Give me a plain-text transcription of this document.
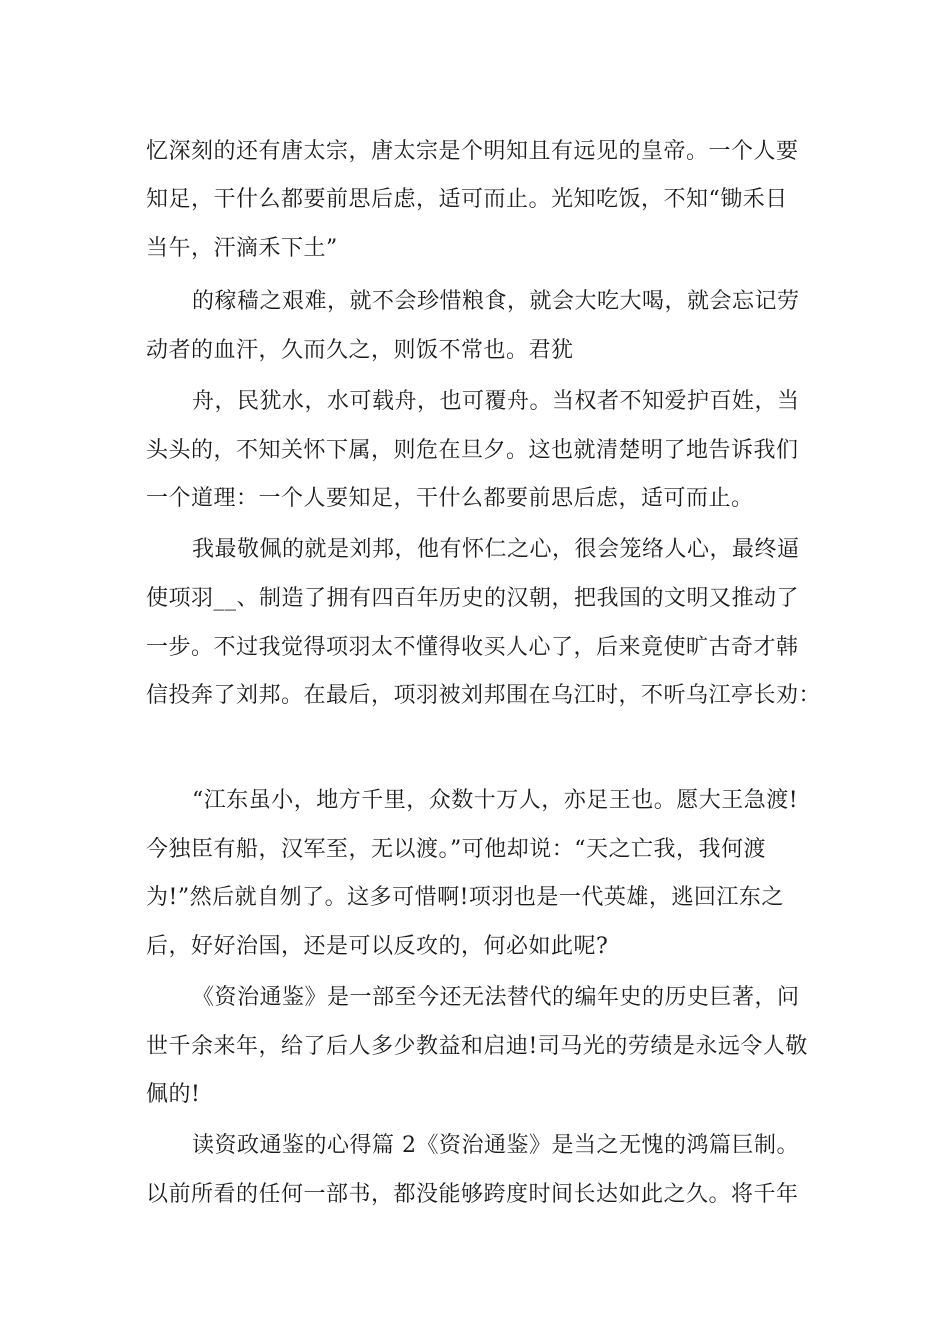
忆深刻的还有唐太宗，唐太宗是个明知且有远见的皇帝。一个人要
知足，干什么都要前思后虑，适可而止。光知吃饭，不知“锄禾日
当午，汗滴禾下土”
的稼穑之艰难，就不会珍惜粮食，就会大吃大喝，就会忘记劳
动者的血汗，久而久之，则饭不常也。君犹
舟，民犹水，水可载舟，也可覆舟。当权者不知爱护百姓，当
头头的，不知关怀下属，则危在旦夕。这也就清楚明了地告诉我们
一个道理：一个人要知足，干什么都要前思后虑，适可而止。
我最敬佩的就是刘邦，他有怀仁之心，很会笼络人心，最终逼
使项羽__、制造了拥有四百年历史的汉朝，把我国的文明又推动了
一步。不过我觉得项羽太不懂得收买人心了，后来竟使旷古奇才韩
信投奔了刘邦。在最后，项羽被刘邦围在乌江时，不听乌江亭长劝：
“江东虽小，地方千里，众数十万人，亦足王也。愿大王急渡!
今独臣有船，汉军至，无以渡。”可他却说：“天之亡我，我何渡
为!”然后就自刎了。这多可惜啊!项羽也是一代英雄，逃回江东之
后，好好治国，还是可以反攻的，何必如此呢?
《资治通鉴》是一部至今还无法替代的编年史的历史巨著，问
世千余来年，给了后人多少教益和启迪!司马光的劳绩是永远令人敬
佩的!
读资政通鉴的心得篇 2《资治通鉴》是当之无愧的鸿篇巨制。
以前所看的任何一部书，都没能够跨度时间长达如此之久。将千年
